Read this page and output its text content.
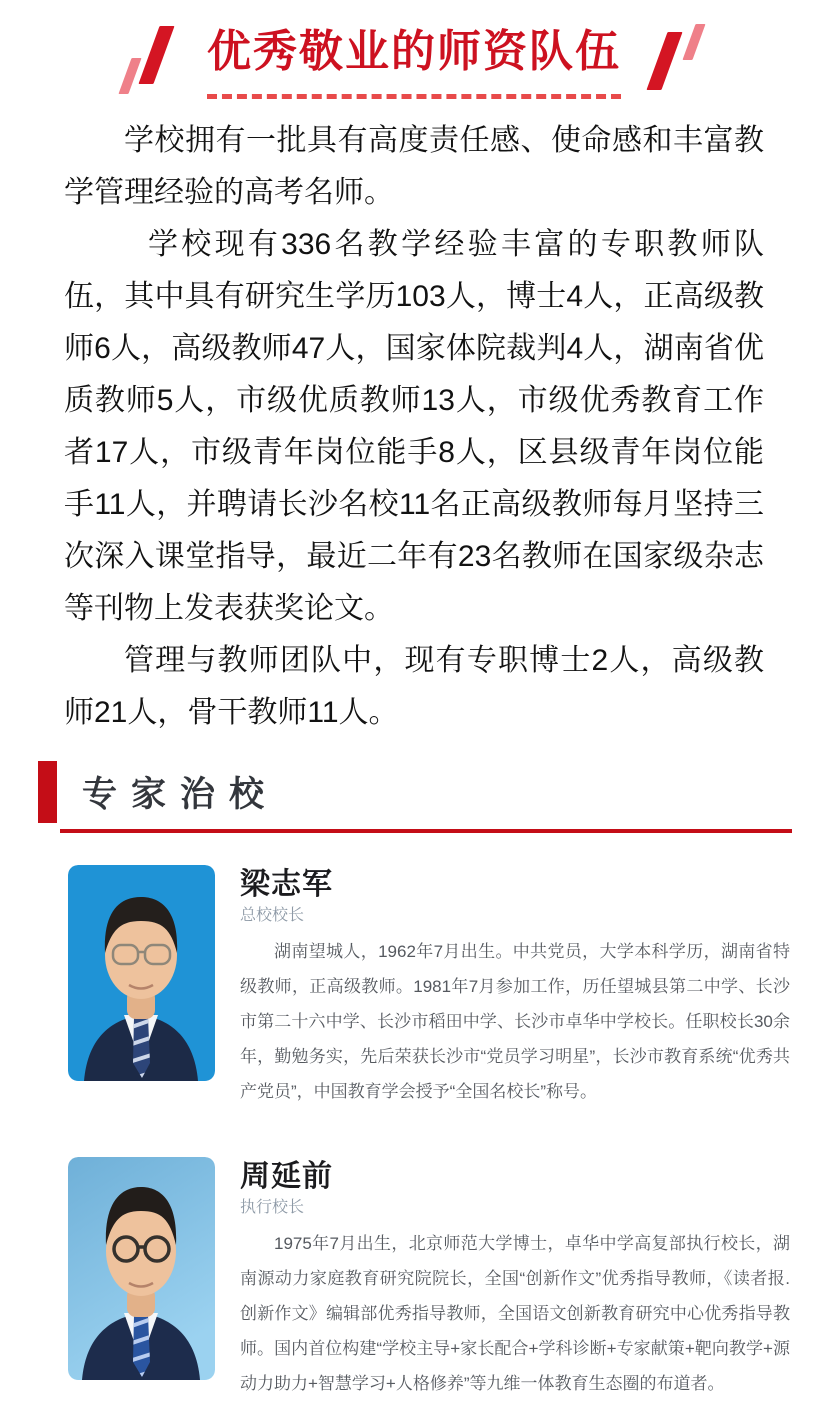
优秀敬业的师资队伍

学校拥有一批具有高度责任感、使命感和丰富教学管理经验的高考名师。

学校现有336名教学经验丰富的专职教师队伍，其中具有研究生学历103人，博士4人，正高级教师6人，高级教师47人，国家体院裁判4人，湖南省优质教师5人，市级优质教师13人，市级优秀教育工作者17人，市级青年岗位能手8人，区县级青年岗位能手11人，并聘请长沙名校11名正高级教师每月坚持三次深入课堂指导，最近二年有23名教师在国家级杂志等刊物上发表获奖论文。

管理与教师团队中，现有专职博士2人，高级教师21人，骨干教师11人。

专家治校
梁志军
总校校长

湖南望城人，1962年7月出生。中共党员，大学本科学历，湖南省特级教师，正高级教师。1981年7月参加工作，历任望城县第二中学、长沙市第二十六中学、长沙市稻田中学、长沙市卓华中学校长。任职校长30余年，勤勉务实，先后荣获长沙市“党员学习明星”，长沙市教育系统“优秀共产党员”，中国教育学会授予“全国名校长”称号。

周延前
执行校长

1975年7月出生，北京师范大学博士，卓华中学高复部执行校长，湖南源动力家庭教育研究院院长，全国“创新作文”优秀指导教师，《读者报.创新作文》编辑部优秀指导教师，全国语文创新教育研究中心优秀指导教师。国内首位构建“学校主导+家长配合+学科诊断+专家献策+靶向教学+源动力助力+智慧学习+人格修养”等九维一体教育生态圈的布道者。
